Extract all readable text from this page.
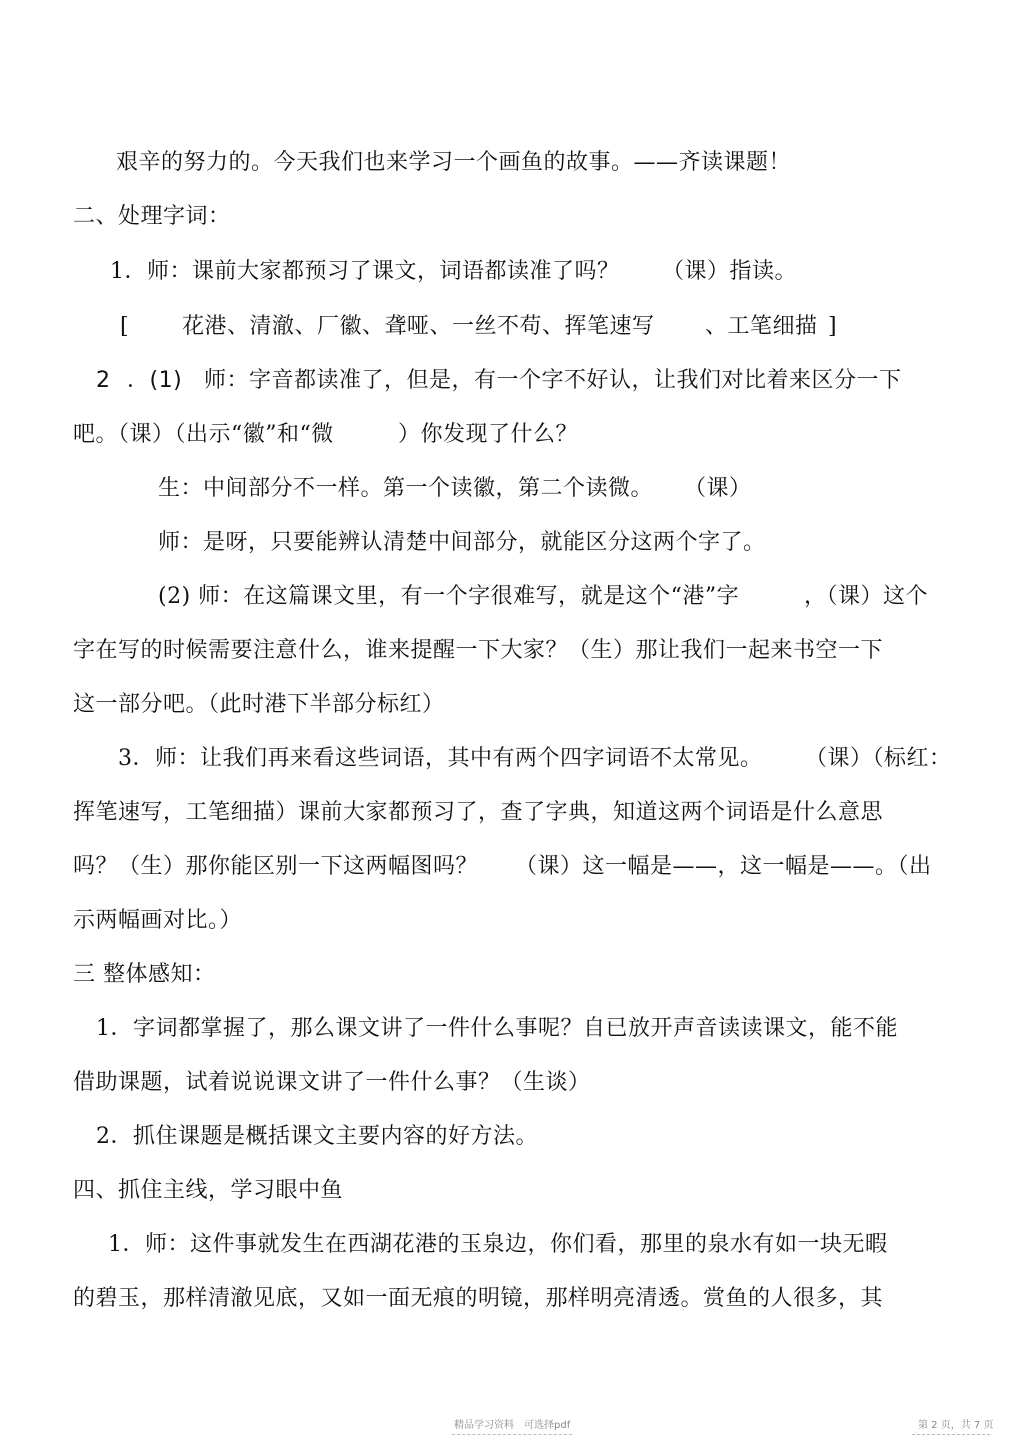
艰辛的努力的。今天我们也来学习一个画鱼的故事。——齐读课题！
二、处理字词：
1．师：课前大家都预习了课文，词语都读准了吗？ （课）指读。
[ 花港、清澈、厂徽、聋哑、一丝不苟、挥笔速写 、工笔细描 ]
2 ．(1) 师：字音都读准了，但是，有一个字不好认，让我们对比着来区分一下
吧。（课）（出示“徽”和“微	）你发现了什么？
生：中间部分不一样。第一个读徽，第二个读微。 （课）
师：是呀，只要能辨认清楚中间部分，就能区分这两个字了。
(2) 师：在这篇课文里，有一个字很难写，就是这个“港”字	，（课）这个
字在写的时候需要注意什么，谁来提醒一下大家？（生）那让我们一起来书空一下
这一部分吧。（此时港下半部分标红）
3．师：让我们再来看这些词语，其中有两个四字词语不太常见。 （课）（标红：
挥笔速写，工笔细描）课前大家都预习了，查了字典，知道这两个词语是什么意思
吗？（生）那你能区别一下这两幅图吗？ （课）这一幅是——，这一幅是——。（出
示两幅画对比。）
三 整体感知：
1．字词都掌握了，那么课文讲了一件什么事呢？自已放开声音读读课文，能不能
借助课题，试着说说课文讲了一件什么事？（生谈）
2．抓住课题是概括课文主要内容的好方法。
四、抓住主线，学习眼中鱼
1．师：这件事就发生在西湖花港的玉泉边，你们看，那里的泉水有如一块无暇
的碧玉，那样清澈见底，又如一面无痕的明镜，那样明亮清透。赏鱼的人很多，其
精品学习资料　可选择pdf	第 2 页，共 7 页
